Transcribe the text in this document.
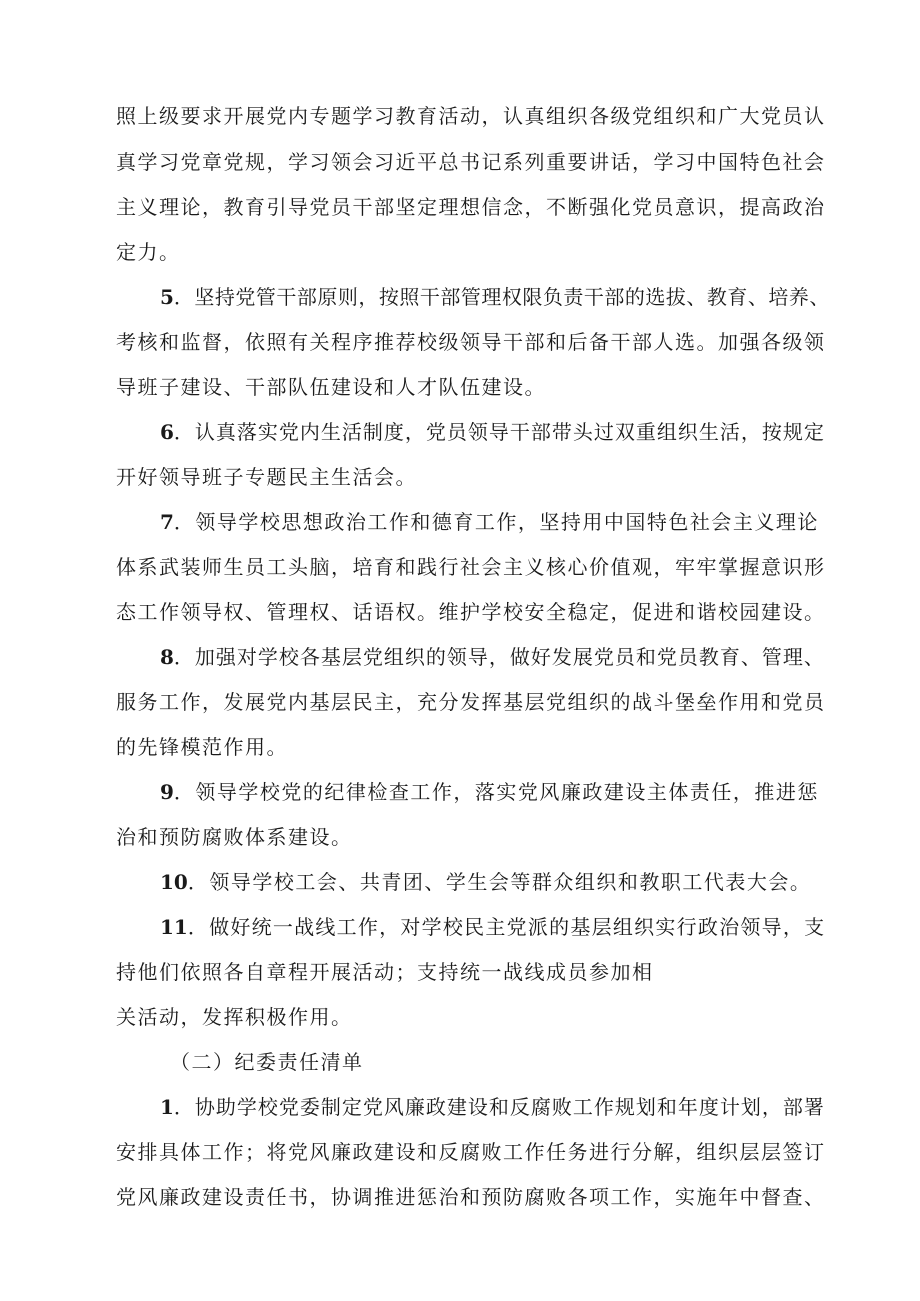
照上级要求开展党内专题学习教育活动，认真组织各级党组织和广大党员认
真学习党章党规，学习领会习近平总书记系列重要讲话，学习中国特色社会
主义理论，教育引导党员干部坚定理想信念，不断强化党员意识，提高政治
定力。
5．坚持党管干部原则，按照干部管理权限负责干部的选拔、教育、培养、
考核和监督，依照有关程序推荐校级领导干部和后备干部人选。加强各级领
导班子建设、干部队伍建设和人才队伍建设。
6．认真落实党内生活制度，党员领导干部带头过双重组织生活，按规定
开好领导班子专题民主生活会。
7．领导学校思想政治工作和德育工作，坚持用中国特色社会主义理论
体系武装师生员工头脑，培育和践行社会主义核心价值观，牢牢掌握意识形
态工作领导权、管理权、话语权。维护学校安全稳定，促进和谐校园建设。
8．加强对学校各基层党组织的领导，做好发展党员和党员教育、管理、
服务工作，发展党内基层民主，充分发挥基层党组织的战斗堡垒作用和党员
的先锋模范作用。
9．领导学校党的纪律检查工作，落实党风廉政建设主体责任，推进惩
治和预防腐败体系建设。
10．领导学校工会、共青团、学生会等群众组织和教职工代表大会。
11．做好统一战线工作，对学校民主党派的基层组织实行政治领导，支
持他们依照各自章程开展活动；支持统一战线成员参加相
关活动，发挥积极作用。
（二）纪委责任清单
1．协助学校党委制定党风廉政建设和反腐败工作规划和年度计划，部署
安排具体工作；将党风廉政建设和反腐败工作任务进行分解，组织层层签订
党风廉政建设责任书，协调推进惩治和预防腐败各项工作，实施年中督查、
